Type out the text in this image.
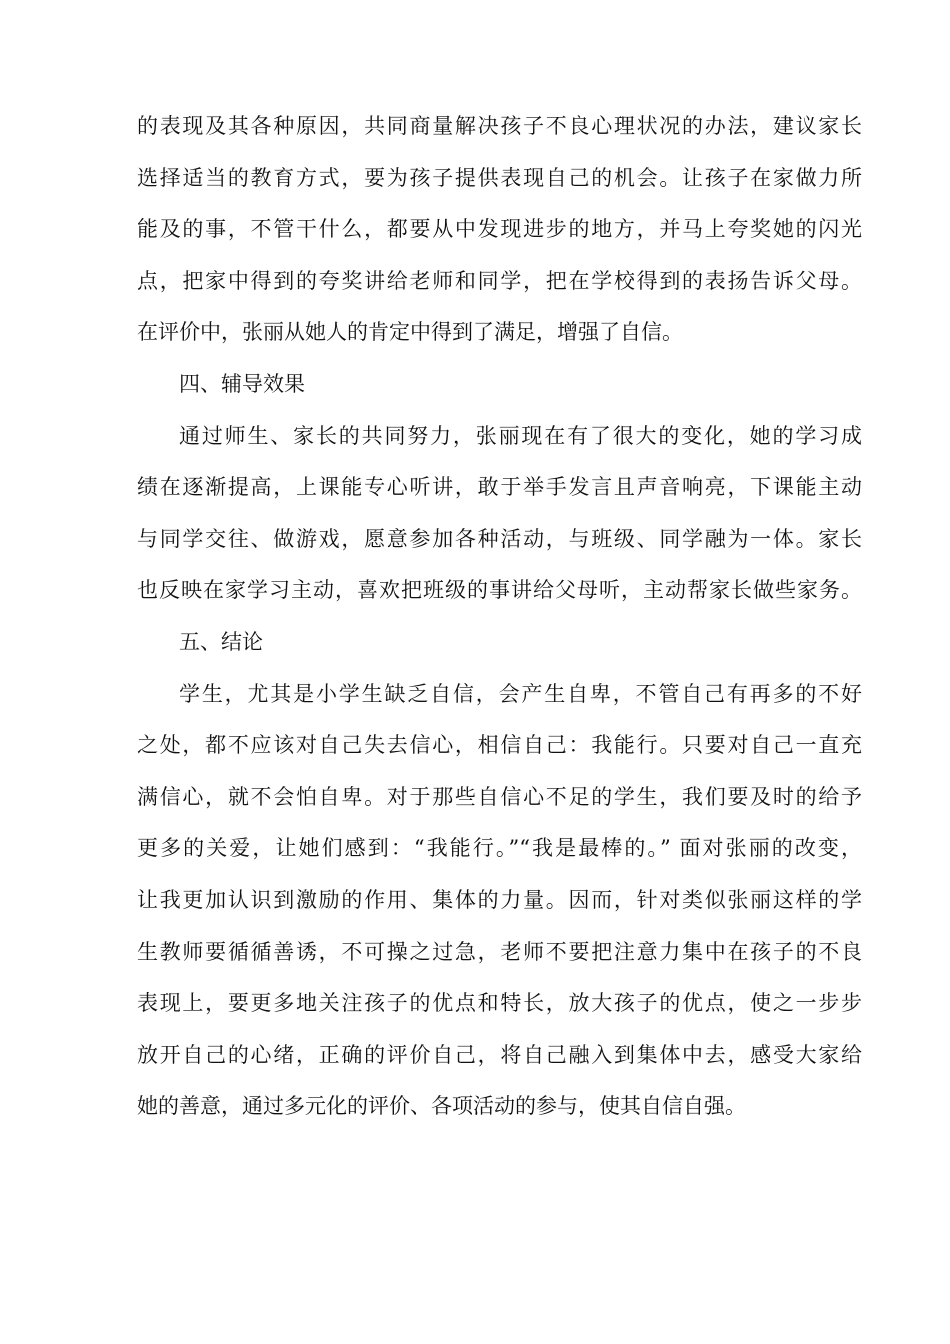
的表现及其各种原因，共同商量解决孩子不良心理状况的办法，建议家长
选择适当的教育方式，要为孩子提供表现自己的机会。让孩子在家做力所
能及的事，不管干什么，都要从中发现进步的地方，并马上夸奖她的闪光
点，把家中得到的夸奖讲给老师和同学，把在学校得到的表扬告诉父母。
在评价中，张丽从她人的肯定中得到了满足，增强了自信。
四、辅导效果
通过师生、家长的共同努力，张丽现在有了很大的变化，她的学习成
绩在逐渐提高，上课能专心听讲，敢于举手发言且声音响亮，下课能主动
与同学交往、做游戏，愿意参加各种活动，与班级、同学融为一体。家长
也反映在家学习主动，喜欢把班级的事讲给父母听，主动帮家长做些家务。
五、结论
学生，尤其是小学生缺乏自信，会产生自卑，不管自己有再多的不好
之处，都不应该对自己失去信心，相信自己：我能行。只要对自己一直充
满信心，就不会怕自卑。对于那些自信心不足的学生，我们要及时的给予
更多的关爱，让她们感到：“我能行。”“我是最棒的。” 面对张丽的改变，
让我更加认识到激励的作用、集体的力量。因而，针对类似张丽这样的学
生教师要循循善诱，不可操之过急，老师不要把注意力集中在孩子的不良
表现上，要更多地关注孩子的优点和特长，放大孩子的优点，使之一步步
放开自己的心绪，正确的评价自己，将自己融入到集体中去，感受大家给
她的善意，通过多元化的评价、各项活动的参与，使其自信自强。
